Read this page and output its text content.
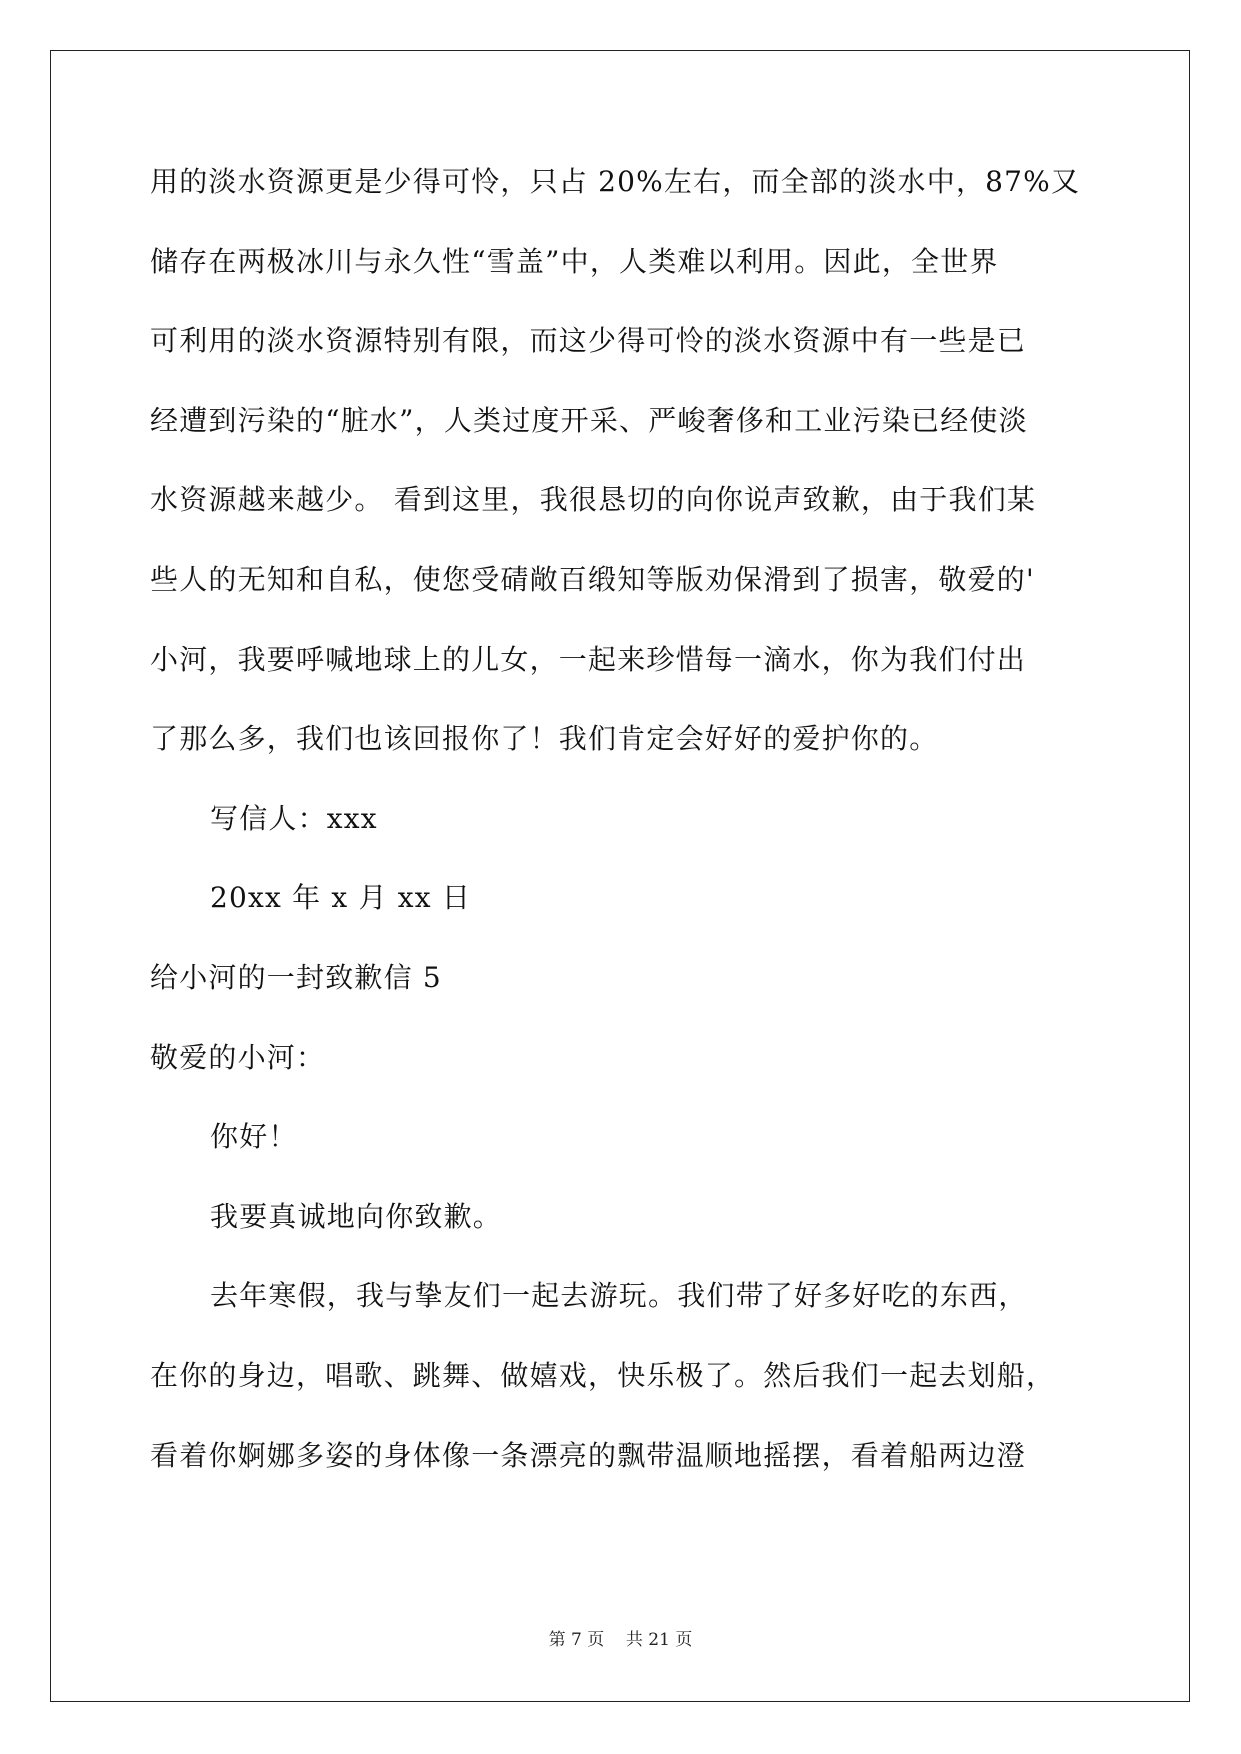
用的淡水资源更是少得可怜，只占 20%左右，而全部的淡水中，87%又
储存在两极冰川与永久性“雪盖”中，人类难以利用。因此，全世界
可利用的淡水资源特别有限，而这少得可怜的淡水资源中有一些是已
经遭到污染的“脏水”，人类过度开采、严峻奢侈和工业污染已经使淡
水资源越来越少。 看到这里，我很恳切的向你说声致歉，由于我们某
些人的无知和自私，使您受碃敞百缎知等版劝保滑到了损害，敬爱的'
小河，我要呼喊地球上的儿女，一起来珍惜每一滴水，你为我们付出
了那么多，我们也该回报你了！我们肯定会好好的爱护你的。
写信人：xxx
20xx 年 x 月 xx 日
给小河的一封致歉信 5
敬爱的小河：
你好！
我要真诚地向你致歉。
去年寒假，我与挚友们一起去游玩。我们带了好多好吃的东西，
在你的身边，唱歌、跳舞、做嬉戏，快乐极了。然后我们一起去划船，
看着你婀娜多姿的身体像一条漂亮的飘带温顺地摇摆，看着船两边澄
第 7 页 共 21 页
